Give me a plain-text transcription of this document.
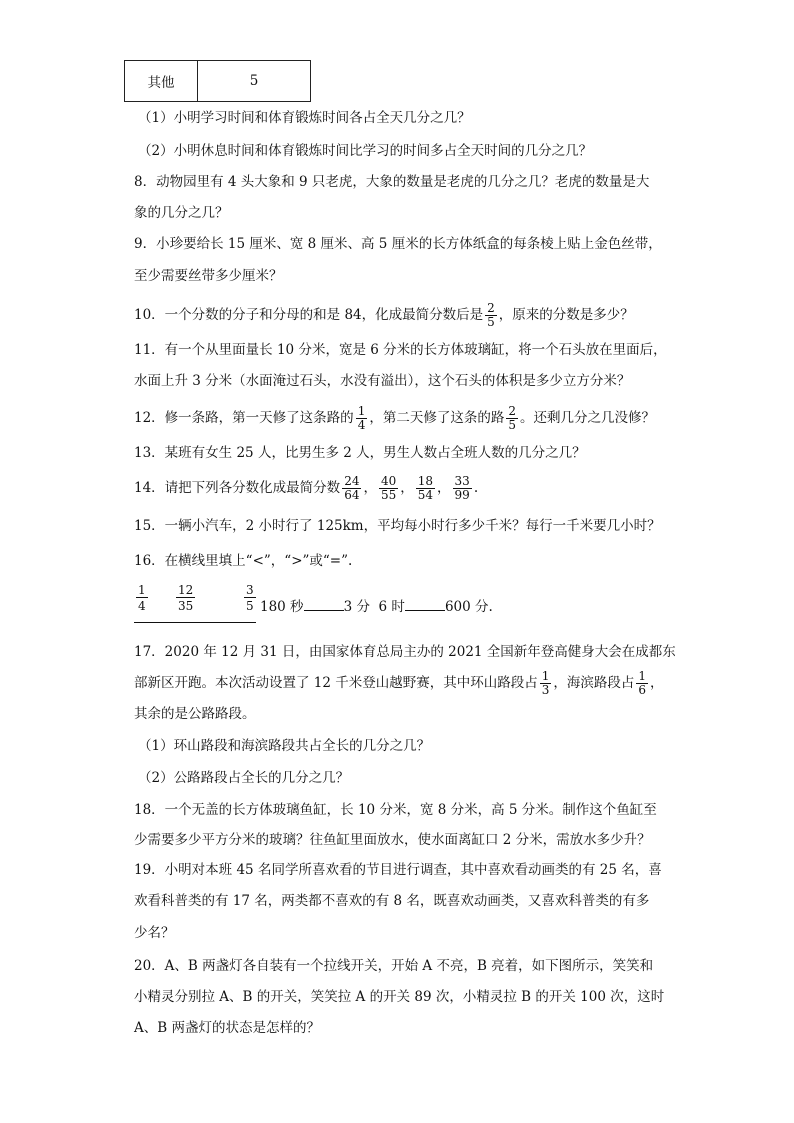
其他	5
（1）小明学习时间和体育锻炼时间各占全天几分之几？
（2）小明休息时间和体育锻炼时间比学习的时间多占全天时间的几分之几？
8．动物园里有 4 头大象和 9 只老虎，大象的数量是老虎的几分之几？老虎的数量是大
象的几分之几？
9．小珍要给长 15 厘米、宽 8 厘米、高 5 厘米的长方体纸盒的每条棱上贴上金色丝带，
至少需要丝带多少厘米？
10．一个分数的分子和分母的和是 84，化成最简分数后是 $\frac{2}{5}$ ，原来的分数是多少？
11．有一个从里面量长 10 分米，宽是 6 分米的长方体玻璃缸，将一个石头放在里面后，
水面上升 3 分米（水面淹过石头，水没有溢出），这个石头的体积是多少立方分米？
12．修一条路，第一天修了这条路的 $\frac{1}{4}$ ，第二天修了这条的路 $\frac{2}{5}$ 。还剩几分之几没修？
13．某班有女生 25 人，比男生多 2 人，男生人数占全班人数的几分之几？
14．请把下列各分数化成最简分数 $\frac{24}{64}$ ， $\frac{40}{55}$ ， $\frac{18}{54}$ ， $\frac{33}{99}$ .
15．一辆小汽车，2 小时行了 125km，平均每小时行多少千米？每行一千米要几小时？
16．在横线里填上“<”，“>”或“=”.
$\frac{1}{4} \frac{12}{35}$	$\frac{3}{5} 180$ 秒	3 分 6 时	600 分.
17．2020 年 12 月 31 日，由国家体育总局主办的 2021 全国新年登高健身大会在成都东
部新区开跑。本次活动设置了 12 千米登山越野赛，其中环山路段占 $\frac{1}{3}$ ，海滨路段占 $\frac{1}{6}$ ，
其余的是公路路段。
（1）环山路段和海滨路段共占全长的几分之几？
（2）公路路段占全长的几分之几？
18．一个无盖的长方体玻璃鱼缸，长 10 分米，宽 8 分米，高 5 分米。制作这个鱼缸至
少需要多少平方分米的玻璃？往鱼缸里面放水，使水面离缸口 2 分米，需放水多少升？
19．小明对本班 45 名同学所喜欢看的节目进行调查，其中喜欢看动画类的有 25 名，喜
欢看科普类的有 17 名，两类都不喜欢的有 8 名，既喜欢动画类，又喜欢科普类的有多
少名？
20．A、B 两盏灯各自装有一个拉线开关，开始 A 不亮，B 亮着，如下图所示，笑笑和
小精灵分别拉 A、B 的开关，笑笑拉 A 的开关 89 次，小精灵拉 B 的开关 100 次，这时
A、B 两盏灯的状态是怎样的？
